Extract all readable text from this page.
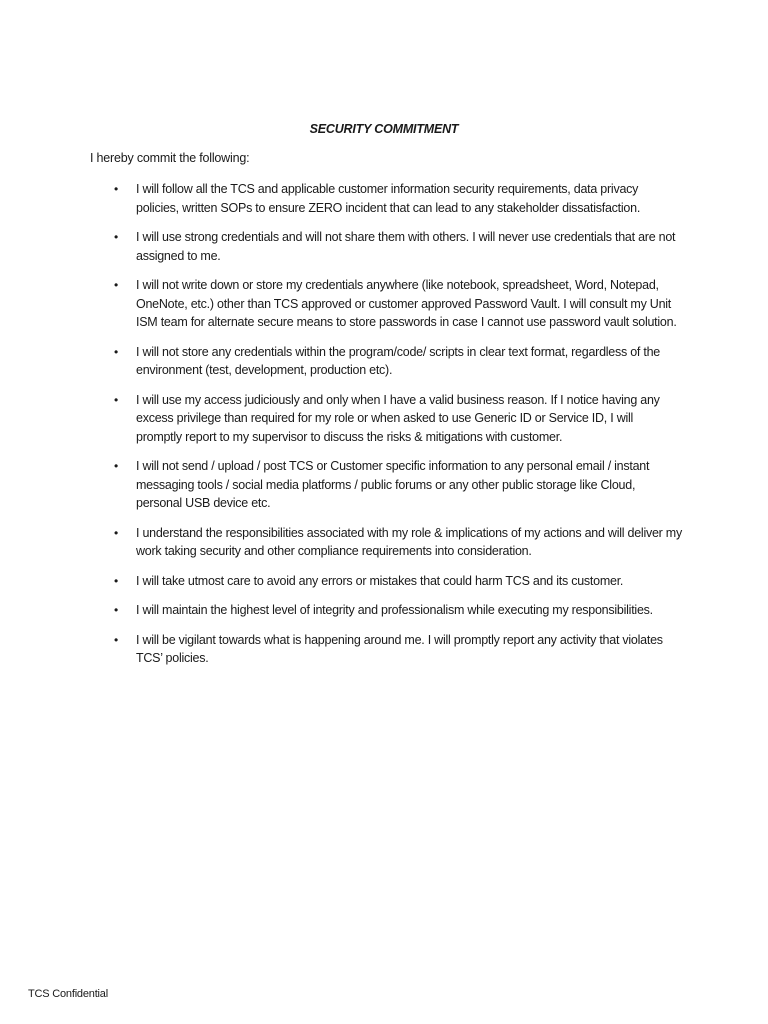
SECURITY COMMITMENT
I hereby commit the following:
• I will follow all the TCS and applicable customer information security requirements, data privacy policies, written SOPs to ensure ZERO incident that can lead to any stakeholder dissatisfaction.
• I will use strong credentials and will not share them with others. I will never use credentials that are not assigned to me.
• I will not write down or store my credentials anywhere (like notebook, spreadsheet, Word, Notepad, OneNote, etc.) other than TCS approved or customer approved Password Vault. I will consult my Unit ISM team for alternate secure means to store passwords in case I cannot use password vault solution.
• I will not store any credentials within the program/code/ scripts in clear text format, regardless of the environment (test, development, production etc).
• I will use my access judiciously and only when I have a valid business reason. If I notice having any excess privilege than required for my role or when asked to use Generic ID or Service ID, I will promptly report to my supervisor to discuss the risks & mitigations with customer.
• I will not send / upload / post TCS or Customer specific information to any personal email / instant messaging tools / social media platforms / public forums or any other public storage like Cloud, personal USB device etc.
• I understand the responsibilities associated with my role & implications of my actions and will deliver my work taking security and other compliance requirements into consideration.
• I will take utmost care to avoid any errors or mistakes that could harm TCS and its customer.
• I will maintain the highest level of integrity and professionalism while executing my responsibilities.
• I will be vigilant towards what is happening around me. I will promptly report any activity that violates TCS’ policies.
TCS Confidential
